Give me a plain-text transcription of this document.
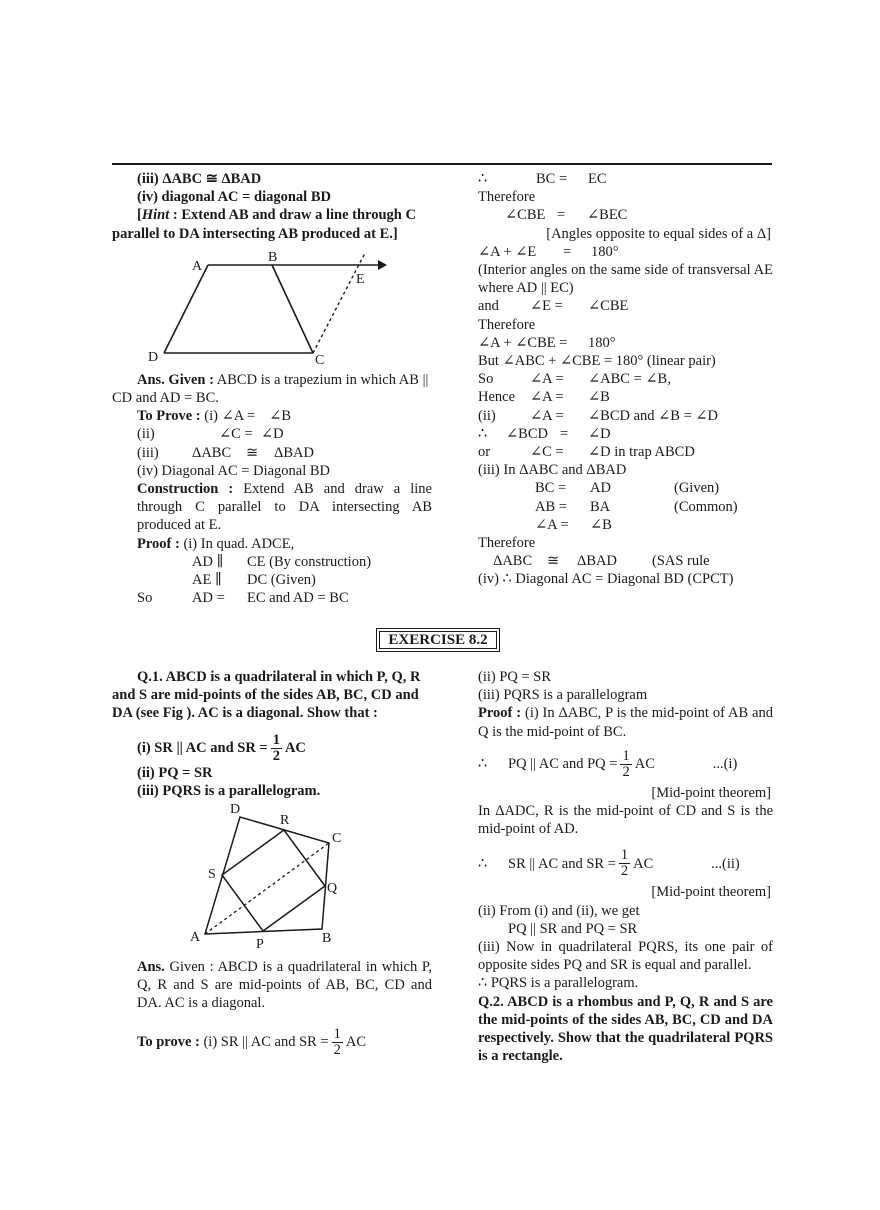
(iii) ΔABC ≅ ΔBAD

(iv) diagonal AC = diagonal BD

[Hint : Extend AB and draw a line through C

parallel to DA intersecting AB produced at E.]

A
B
E
D	C

Ans. Given : ABCD is a trapezium in which AB ||

CD and AD = BC.

To Prove : (i) ∠A = ∠B

(ii)	∠C = ∠D
(iii)	ΔABC	≅	ΔBAD

(iv) Diagonal AC = Diagonal BD

Construction : Extend AB and draw a line through C parallel to DA intersecting AB produced at E.

Proof : (i) In quad. ADCE,

AD ∥	CE (By construction)
AE ∥	DC (Given)
So	AD =	EC and AD = BC
∴	BC =	EC

Therefore

∠CBE =	∠BEC

[Angles opposite to equal sides of a Δ]

∠A + ∠E	=	180°

(Interior angles on the same side of transversal AE where AD || EC)

and	∠E =	∠CBE

Therefore

∠A + ∠CBE =	180°

But ∠ABC + ∠CBE = 180° (linear pair)

So	∠A =	∠ABC = ∠B,
Hence	∠A =	∠B
(ii)	∠A =	∠BCD and ∠B = ∠D
∴	∠BCD =	∠D
or	∠C =	∠D in trap ABCD

(iii) In ΔABC and ΔBAD

BC =	AD	(Given)
AB =	BA	(Common)
∠A =	∠B

Therefore

ΔABC	≅	ΔBAD	(SAS rule

(iv) ∴ Diagonal AC = Diagonal BD (CPCT)

EXERCISE 8.2

Q.1. ABCD is a quadrilateral in which P, Q, R

and S are mid-points of the sides AB, BC, CD and

DA (see Fig ). AC is a diagonal. Show that :

(i) SR || AC and SR = $\frac{1}{2}$ AC

(ii) PQ = SR

(iii) PQRS is a parallelogram.

D
R
C
S
Q
A	P	B

Ans. Given : ABCD is a quadrilateral in which P, Q, R and S are mid-points of AB, BC, CD and DA. AC is a diagonal.

To prove : (i) SR || AC and SR = $\frac{1}{2}$ AC

(ii) PQ = SR

(iii) PQRS is a parallelogram

Proof : (i) In ΔABC, P is the mid-point of AB and Q is the mid-point of BC.

∴	PQ || AC and PQ = $\frac{1}{2}$ AC	...(i)

[Mid-point theorem]

In ΔADC, R is the mid-point of CD and S is the mid-point of AD.

∴	SR || AC and SR = $\frac{1}{2}$ AC	...(ii)

[Mid-point theorem]

(ii) From (i) and (ii), we get

PQ || SR and PQ = SR

(iii) Now in quadrilateral PQRS, its one pair of opposite sides PQ and SR is equal and parallel.

∴ PQRS is a parallelogram.

Q.2. ABCD is a rhombus and P, Q, R and S are the mid-points of the sides AB, BC, CD and DA respectively. Show that the quadrilateral PQRS is a rectangle.
